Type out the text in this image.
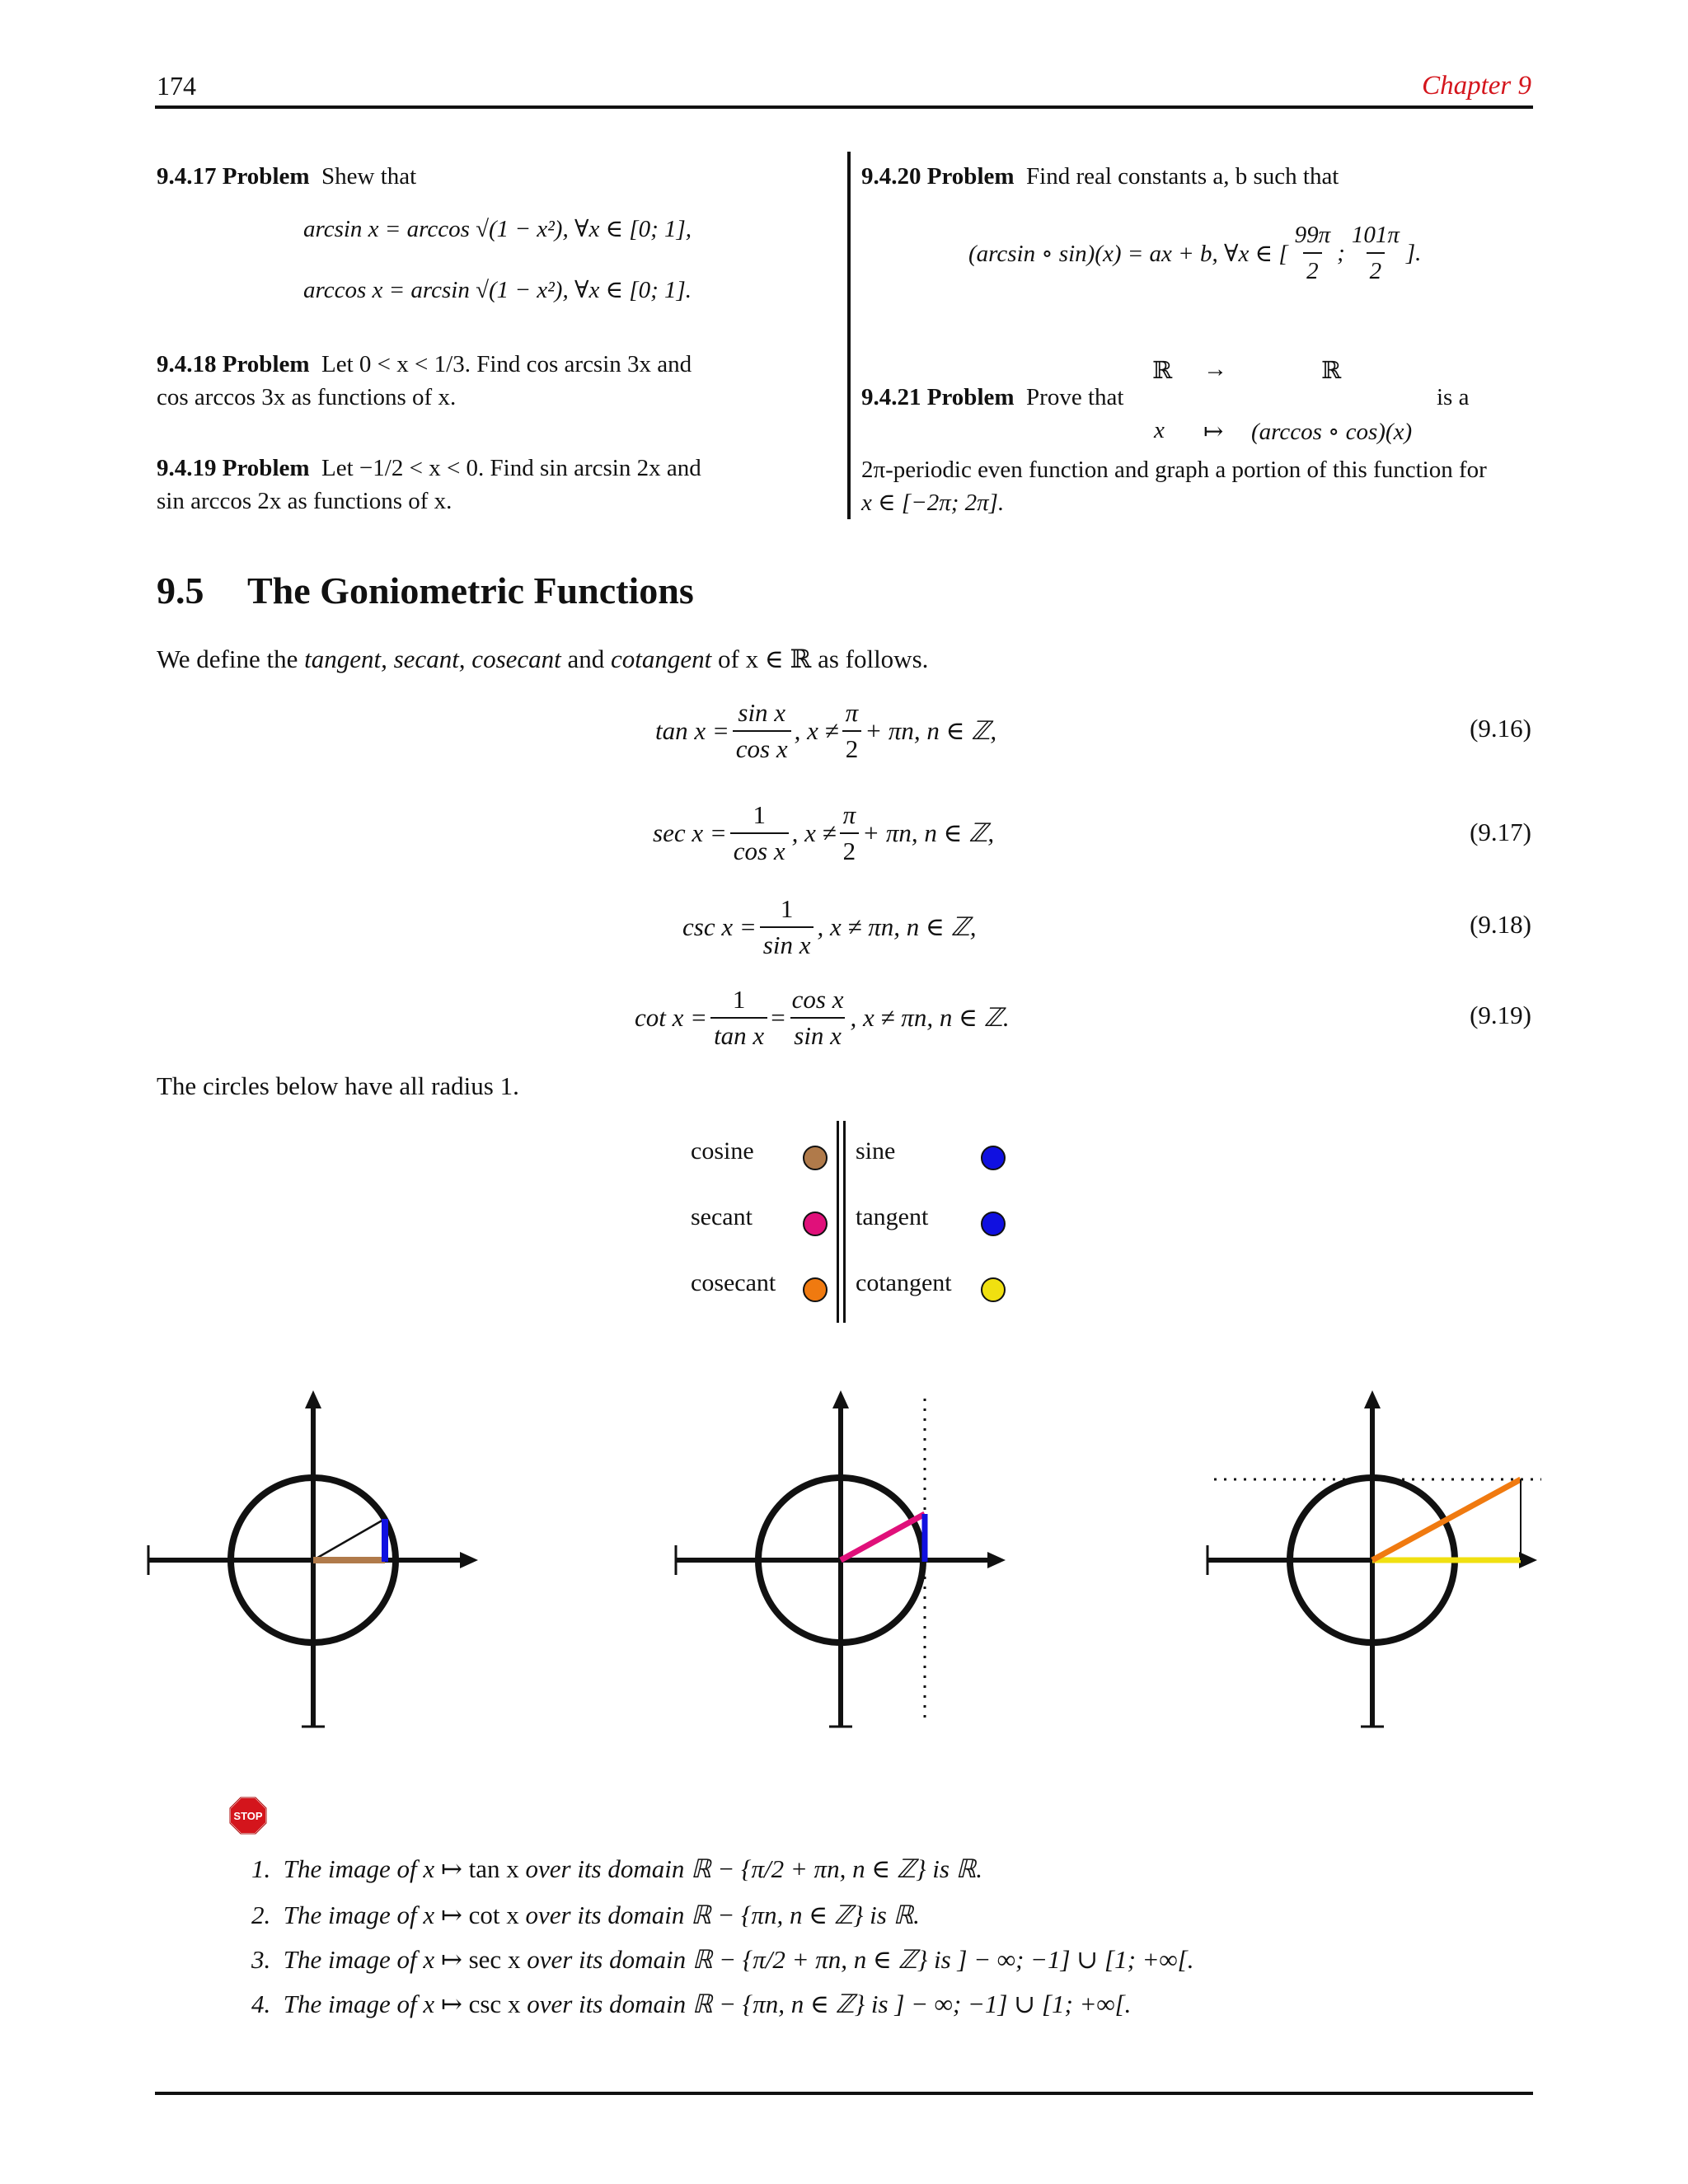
174	Chapter 9
9.4.17 Problem Shew that
arcsin x = arccos √(1 − x²), ∀x ∈ [0; 1],
arccos x = arcsin √(1 − x²), ∀x ∈ [0; 1].
9.4.18 Problem Let 0 < x < 1/3. Find cos arcsin 3x and
cos arccos 3x as functions of x.
9.4.19 Problem Let −1/2 < x < 0. Find sin arcsin 2x and
sin arccos 2x as functions of x.
9.4.20 Problem Find real constants a, b such that
(arcsin ∘ sin)(x) = ax + b, ∀x ∈ [ $\frac{99\pi}{2}$ ; $\frac{101\pi}{2}$ ].
9.4.21 Problem Prove that
ℝ →	ℝ
x ↦ (arccos ∘ cos)(x)
is a
2π-periodic even function and graph a portion of this function for
x ∈ [−2π; 2π].
9.5 The Goniometric Functions
We define the tangent, secant, cosecant and cotangent of x ∈ ℝ as follows.
$\tan x = \frac{\text{sin x}}{\text{cos x}}$ , $x \ne \frac{\pi}{2} + \pi n$, n ∈ ℤ,	(9.16)
$\sec x = \frac{1}{\text{cos x}}$ , $x \ne \frac{\pi}{2} + \pi n$, n ∈ ℤ,	(9.17)
$\csc x = \frac{1}{\text{sin x}}$ , x ≠ πn, n ∈ ℤ,	(9.18)
$\cot x = \frac{1}{\text{tan x}} = \frac{\text{cos x}}{\text{sin x}}$ , x ≠ πn, n ∈ ℤ.	(9.19)
The circles below have all radius 1.
cosine	sine
secant	tangent
cosecant	cotangent
STOP
1. The image of x ↦ tan x over its domain ℝ − {π/2 + πn, n ∈ ℤ} is ℝ.
2. The image of x ↦ cot x over its domain ℝ − {πn, n ∈ ℤ} is ℝ.
3. The image of x ↦ sec x over its domain ℝ − {π/2 + πn, n ∈ ℤ} is ] − ∞; −1] ∪ [1; +∞[.
4. The image of x ↦ csc x over its domain ℝ − {πn, n ∈ ℤ} is ] − ∞; −1] ∪ [1; +∞[.
